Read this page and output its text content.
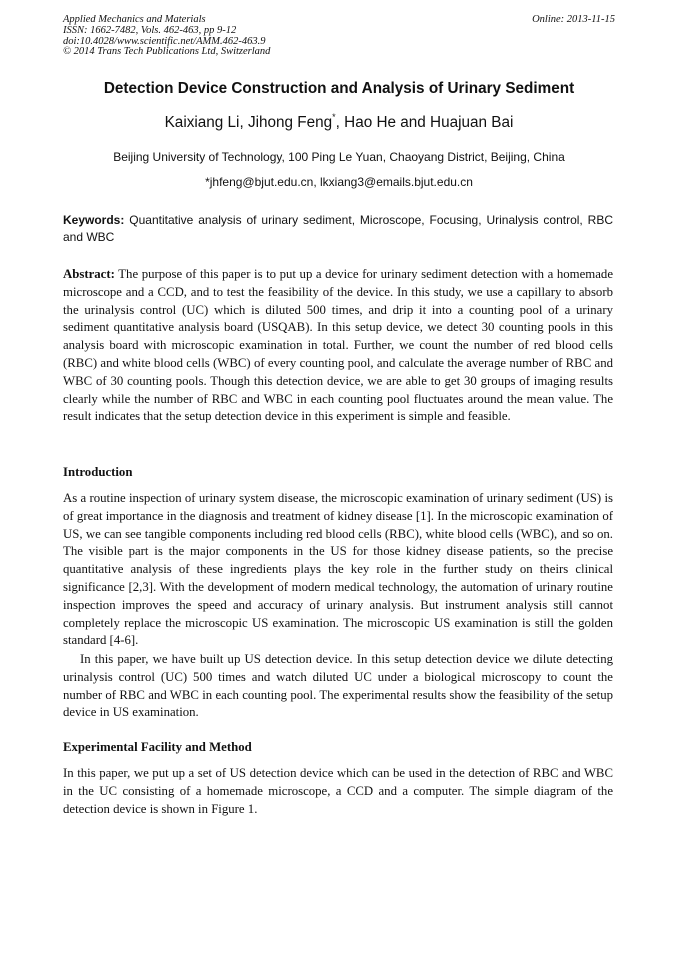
Applied Mechanics and Materials
ISSN: 1662-7482, Vols. 462-463, pp 9-12
doi:10.4028/www.scientific.net/AMM.462-463.9
© 2014 Trans Tech Publications Ltd, Switzerland
Online: 2013-11-15
Detection Device Construction and Analysis of Urinary Sediment
Kaixiang Li, Jihong Feng*, Hao He and Huajuan Bai
Beijing University of Technology, 100 Ping Le Yuan, Chaoyang District, Beijing, China
*jhfeng@bjut.edu.cn, lkxiang3@emails.bjut.edu.cn
Keywords: Quantitative analysis of urinary sediment, Microscope, Focusing, Urinalysis control, RBC and WBC
Abstract: The purpose of this paper is to put up a device for urinary sediment detection with a homemade microscope and a CCD, and to test the feasibility of the device. In this study, we use a capillary to absorb the urinalysis control (UC) which is diluted 500 times, and drip it into a counting pool of a urinary sediment quantitative analysis board (USQAB). In this setup device, we detect 30 counting pools in this analysis board with microscopic examination in total. Further, we count the number of red blood cells (RBC) and white blood cells (WBC) of every counting pool, and calculate the average number of RBC and WBC of 30 counting pools. Though this detection device, we are able to get 30 groups of imaging results clearly while the number of RBC and WBC in each counting pool fluctuates around the mean value. The result indicates that the setup detection device in this experiment is simple and feasible.
Introduction

As a routine inspection of urinary system disease, the microscopic examination of urinary sediment (US) is of great importance in the diagnosis and treatment of kidney disease [1]. In the microscopic examination of US, we can see tangible components including red blood cells (RBC), white blood cells (WBC), and so on. The visible part is the major components in the US for those kidney disease patients, so the precise quantitative analysis of these ingredients plays the key role in the further study on theirs clinical significance [2,3]. With the development of modern medical technology, the automation of urinary routine inspection improves the speed and accuracy of urinary analysis. But instrument analysis still cannot completely replace the microscopic US examination. The microscopic US examination is still the golden standard [4-6].

In this paper, we have built up US detection device. In this setup detection device we dilute detecting urinalysis control (UC) 500 times and watch diluted UC under a biological microscopy to count the number of RBC and WBC in each counting pool. The experimental results show the feasibility of the setup device in US examination.

Experimental Facility and Method

In this paper, we put up a set of US detection device which can be used in the detection of RBC and WBC in the UC consisting of a homemade microscope, a CCD and a computer. The simple diagram of the detection device is shown in Figure 1.
